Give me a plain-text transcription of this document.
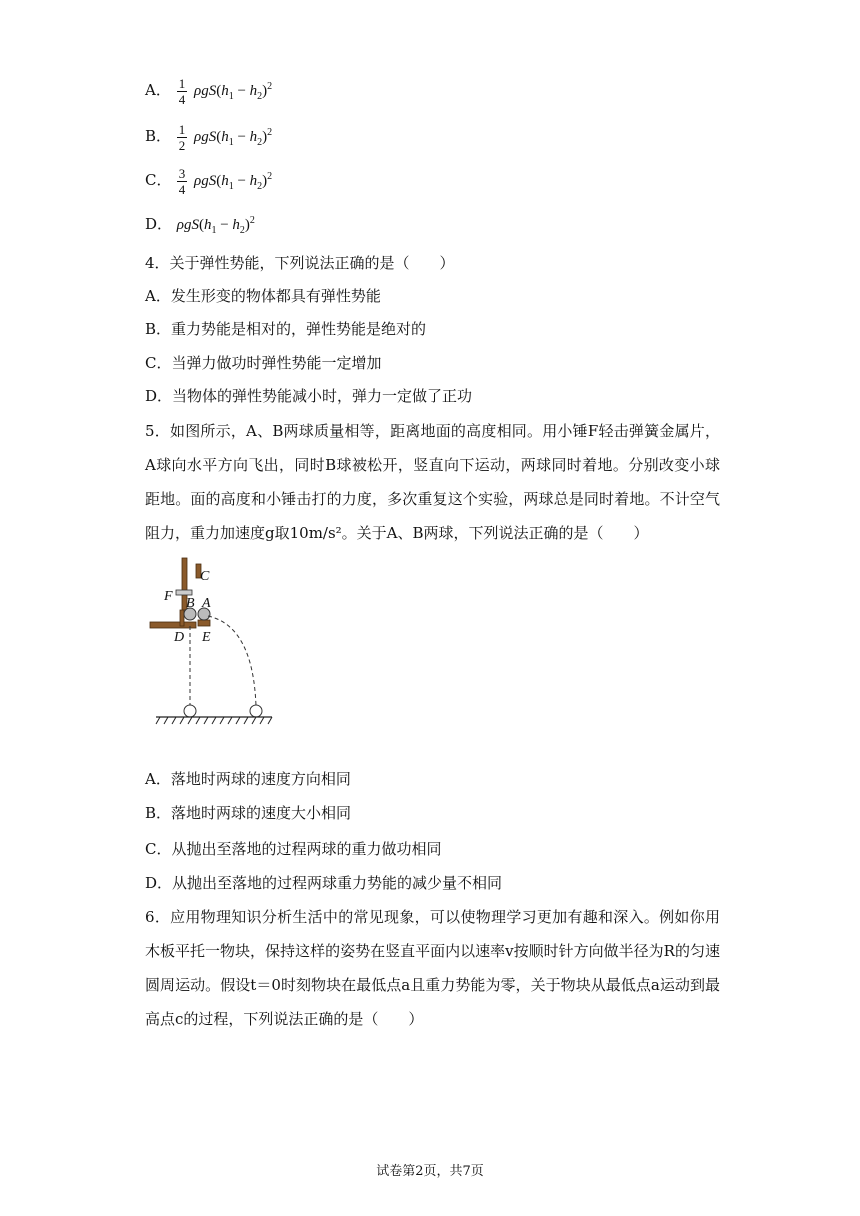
A． $\frac{1}{4} \rho gS(h_1 - h_2)^2$
B． $\frac{1}{2} \rho gS(h_1 - h_2)^2$
C． $\frac{3}{4} \rho gS(h_1 - h_2)^2$
D． $\rho gS(h_1 - h_2)^2$
4．关于弹性势能，下列说法正确的是（　　）
A．发生形变的物体都具有弹性势能
B．重力势能是相对的，弹性势能是绝对的
C．当弹力做功时弹性势能一定增加
D．当物体的弹性势能减小时，弹力一定做了正功
5．如图所示，A、B两球质量相等，距离地面的高度相同。用小锤F轻击弹簧金属片，A球向水平方向飞出，同时B球被松开，竖直向下运动，两球同时着地。分别改变小球距地。面的高度和小锤击打的力度，多次重复这个实验，两球总是同时着地。不计空气阻力，重力加速度g取10m/s²。关于A、B两球，下列说法正确的是（　　）
C
F B A
D E
A．落地时两球的速度方向相同
B．落地时两球的速度大小相同
C．从抛出至落地的过程两球的重力做功相同
D．从抛出至落地的过程两球重力势能的减少量不相同
6．应用物理知识分析生活中的常见现象，可以使物理学习更加有趣和深入。例如你用木板平托一物块，保持这样的姿势在竖直平面内以速率v按顺时针方向做半径为R的匀速圆周运动。假设t＝0时刻物块在最低点a且重力势能为零，关于物块从最低点a运动到最高点c的过程，下列说法正确的是（　　）
试卷第2页，共7页
